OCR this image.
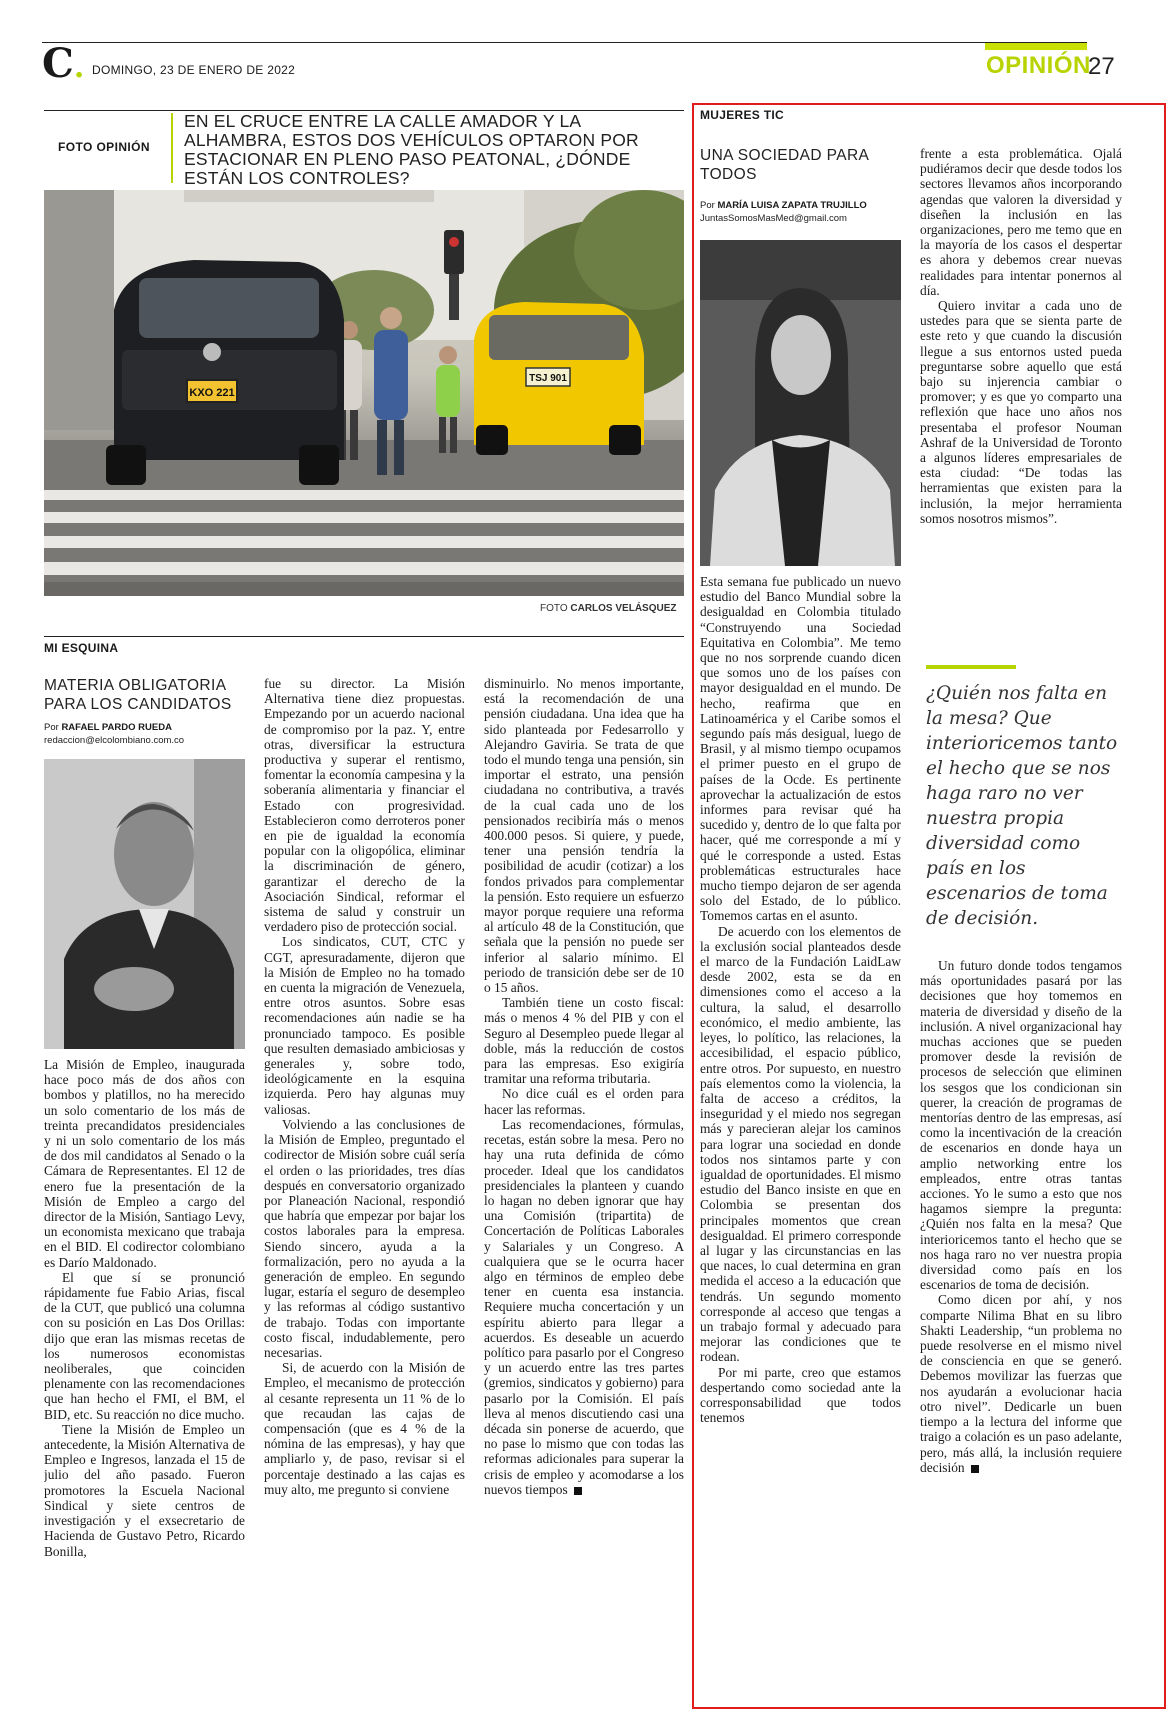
C. DOMINGO, 23 DE ENERO DE 2022	OPINIÓN
27
FOTO OPINIÓN
EN EL CRUCE ENTRE LA CALLE AMADOR Y LA ALHAMBRA, ESTOS DOS VEHÍCULOS OPTARON POR ESTACIONAR EN PLENO PASO PEATONAL, ¿DÓNDE ESTÁN LOS CONTROLES?
KXO 221
TSJ 901
FOTO CARLOS VELÁSQUEZ
MI ESQUINA
MATERIA OBLIGATORIA PARA LOS CANDIDATOS
Por RAFAEL PARDO RUEDA
redaccion@elcolombiano.com.co

La Misión de Empleo, inaugurada hace poco más de dos años con bombos y platillos, no ha merecido un solo comentario de los más de treinta precandidatos presidenciales y ni un solo comentario de los más de dos mil candidatos al Senado o la Cámara de Representantes. El 12 de enero fue la presentación de la Misión de Empleo a cargo del director de la Misión, Santiago Levy, un economista mexicano que trabaja en el BID. El codirector colombiano es Darío Maldonado.

El que sí se pronunció rápidamente fue Fabio Arias, fiscal de la CUT, que publicó una columna con su posición en Las Dos Orillas: dijo que eran las mismas recetas de los numerosos economistas neoliberales, que coinciden plenamente con las recomendaciones que han hecho el FMI, el BM, el BID, etc. Su reacción no dice mucho.

Tiene la Misión de Empleo un antecedente, la Misión Alternativa de Empleo e Ingresos, lanzada el 15 de julio del año pasado. Fueron promotores la Escuela Nacional Sindical y siete centros de investigación y el exsecretario de Hacienda de Gustavo Petro, Ricardo Bonilla,

fue su director. La Misión Alternativa tiene diez propuestas. Empezando por un acuerdo nacional de compromiso por la paz. Y, entre otras, diversificar la estructura productiva y superar el rentismo, fomentar la economía campesina y la soberanía alimentaria y financiar el Estado con progresividad. Establecieron como derroteros poner en pie de igualdad la economía popular con la oligopólica, eliminar la discriminación de género, garantizar el derecho de la Asociación Sindical, reformar el sistema de salud y construir un verdadero piso de protección social.

Los sindicatos, CUT, CTC y CGT, apresuradamente, dijeron que la Misión de Empleo no ha tomado en cuenta la migración de Venezuela, entre otros asuntos. Sobre esas recomendaciones aún nadie se ha pronunciado tampoco. Es posible que resulten demasiado ambiciosas y generales y, sobre todo, ideológicamente en la esquina izquierda. Pero hay algunas muy valiosas.

Volviendo a las conclusiones de la Misión de Empleo, preguntado el codirector de Misión sobre cuál sería el orden o las prioridades, tres días después en conversatorio organizado por Planeación Nacional, respondió que habría que empezar por bajar los costos laborales para la empresa. Siendo sincero, ayuda a la formalización, pero no ayuda a la generación de empleo. En segundo lugar, estaría el seguro de desempleo y las reformas al código sustantivo de trabajo. Todas con importante costo fiscal, indudablemente, pero necesarias.

Si, de acuerdo con la Misión de Empleo, el mecanismo de protección al cesante representa un 11 % de lo que recaudan las cajas de compensación (que es 4 % de la nómina de las empresas), y hay que ampliarlo y, de paso, revisar si el porcentaje destinado a las cajas es muy alto, me pregunto si conviene

disminuirlo. No menos importante, está la recomendación de una pensión ciudadana. Una idea que ha sido planteada por Fedesarrollo y Alejandro Gaviria. Se trata de que todo el mundo tenga una pensión, sin importar el estrato, una pensión ciudadana no contributiva, a través de la cual cada uno de los pensionados recibiría más o menos 400.000 pesos. Si quiere, y puede, tener una pensión tendría la posibilidad de acudir (cotizar) a los fondos privados para complementar la pensión. Esto requiere un esfuerzo mayor porque requiere una reforma al artículo 48 de la Constitución, que señala que la pensión no puede ser inferior al salario mínimo. El periodo de transición debe ser de 10 o 15 años.

También tiene un costo fiscal: más o menos 4 % del PIB y con el Seguro al Desempleo puede llegar al doble, más la reducción de costos para las empresas. Eso exigiría tramitar una reforma tributaria.

No dice cuál es el orden para hacer las reformas.

Las recomendaciones, fórmulas, recetas, están sobre la mesa. Pero no hay una ruta definida de cómo proceder. Ideal que los candidatos presidenciales la planteen y cuando lo hagan no deben ignorar que hay una Comisión (tripartita) de Concertación de Políticas Laborales y Salariales y un Congreso. A cualquiera que se le ocurra hacer algo en términos de empleo debe tener en cuenta esa instancia. Requiere mucha concertación y un espíritu abierto para llegar a acuerdos. Es deseable un acuerdo político para pasarlo por el Congreso y un acuerdo entre las tres partes (gremios, sindicatos y gobierno) para pasarlo por la Comisión. El país lleva al menos discutiendo casi una década sin ponerse de acuerdo, que no pase lo mismo que con todas las reformas adicionales para superar la crisis de empleo y acomodarse a los nuevos tiempos

MUJERES TIC
UNA SOCIEDAD PARA TODOS
Por MARÍA LUISA ZAPATA TRUJILLO
JuntasSomosMasMed@gmail.com

Esta semana fue publicado un nuevo estudio del Banco Mundial sobre la desigualdad en Colombia titulado “Construyendo una Sociedad Equitativa en Colombia”. Me temo que no nos sorprende cuando dicen que somos uno de los países con mayor desigualdad en el mundo. De hecho, reafirma que en Latinoamérica y el Caribe somos el segundo país más desigual, luego de Brasil, y al mismo tiempo ocupamos el primer puesto en el grupo de países de la Ocde. Es pertinente aprovechar la actualización de estos informes para revisar qué ha sucedido y, dentro de lo que falta por hacer, qué me corresponde a mí y qué le corresponde a usted. Estas problemáticas estructurales hace mucho tiempo dejaron de ser agenda solo del Estado, de lo público. Tomemos cartas en el asunto.

De acuerdo con los elementos de la exclusión social planteados desde el marco de la Fundación LaidLaw desde 2002, esta se da en dimensiones como el acceso a la cultura, la salud, el desarrollo económico, el medio ambiente, las leyes, lo político, las relaciones, la accesibilidad, el espacio público, entre otros. Por supuesto, en nuestro país elementos como la violencia, la falta de acceso a créditos, la inseguridad y el miedo nos segregan más y parecieran alejar los caminos para lograr una sociedad en donde todos nos sintamos parte y con igualdad de oportunidades. El mismo estudio del Banco insiste en que en Colombia se presentan dos principales momentos que crean desigualdad. El primero corresponde al lugar y las circunstancias en las que naces, lo cual determina en gran medida el acceso a la educación que tendrás. Un segundo momento corresponde al acceso que tengas a un trabajo formal y adecuado para mejorar las condiciones que te rodean.

Por mi parte, creo que estamos despertando como sociedad ante la corresponsabilidad que todos tenemos

frente a esta problemática. Ojalá pudiéramos decir que desde todos los sectores llevamos años incorporando agendas que valoren la diversidad y diseñen la inclusión en las organizaciones, pero me temo que en la mayoría de los casos el despertar es ahora y debemos crear nuevas realidades para intentar ponernos al día.

Quiero invitar a cada uno de ustedes para que se sienta parte de este reto y que cuando la discusión llegue a sus entornos usted pueda preguntarse sobre aquello que está bajo su injerencia cambiar o promover; y es que yo comparto una reflexión que hace uno años nos presentaba el profesor Nouman Ashraf de la Universidad de Toronto a algunos líderes empresariales de esta ciudad: “De todas las herramientas que existen para la inclusión, la mejor herramienta somos nosotros mismos”.

¿Quién nos falta en la mesa? Que interioricemos tanto el hecho que se nos haga raro no ver nuestra propia diversidad como país en los escenarios de toma de decisión.

Un futuro donde todos tengamos más oportunidades pasará por las decisiones que hoy tomemos en materia de diversidad y diseño de la inclusión. A nivel organizacional hay muchas acciones que se pueden promover desde la revisión de procesos de selección que eliminen los sesgos que los condicionan sin querer, la creación de programas de mentorías dentro de las empresas, así como la incentivación de la creación de escenarios en donde haya un amplio networking entre los empleados, entre otras tantas acciones. Yo le sumo a esto que nos hagamos siempre la pregunta: ¿Quién nos falta en la mesa? Que interioricemos tanto el hecho que se nos haga raro no ver nuestra propia diversidad como país en los escenarios de toma de decisión.

Como dicen por ahí, y nos comparte Nilima Bhat en su libro Shakti Leadership, “un problema no puede resolverse en el mismo nivel de consciencia en que se generó. Debemos movilizar las fuerzas que nos ayudarán a evolucionar hacia otro nivel”. Dedicarle un buen tiempo a la lectura del informe que traigo a colación es un paso adelante, pero, más allá, la inclusión requiere decisión
